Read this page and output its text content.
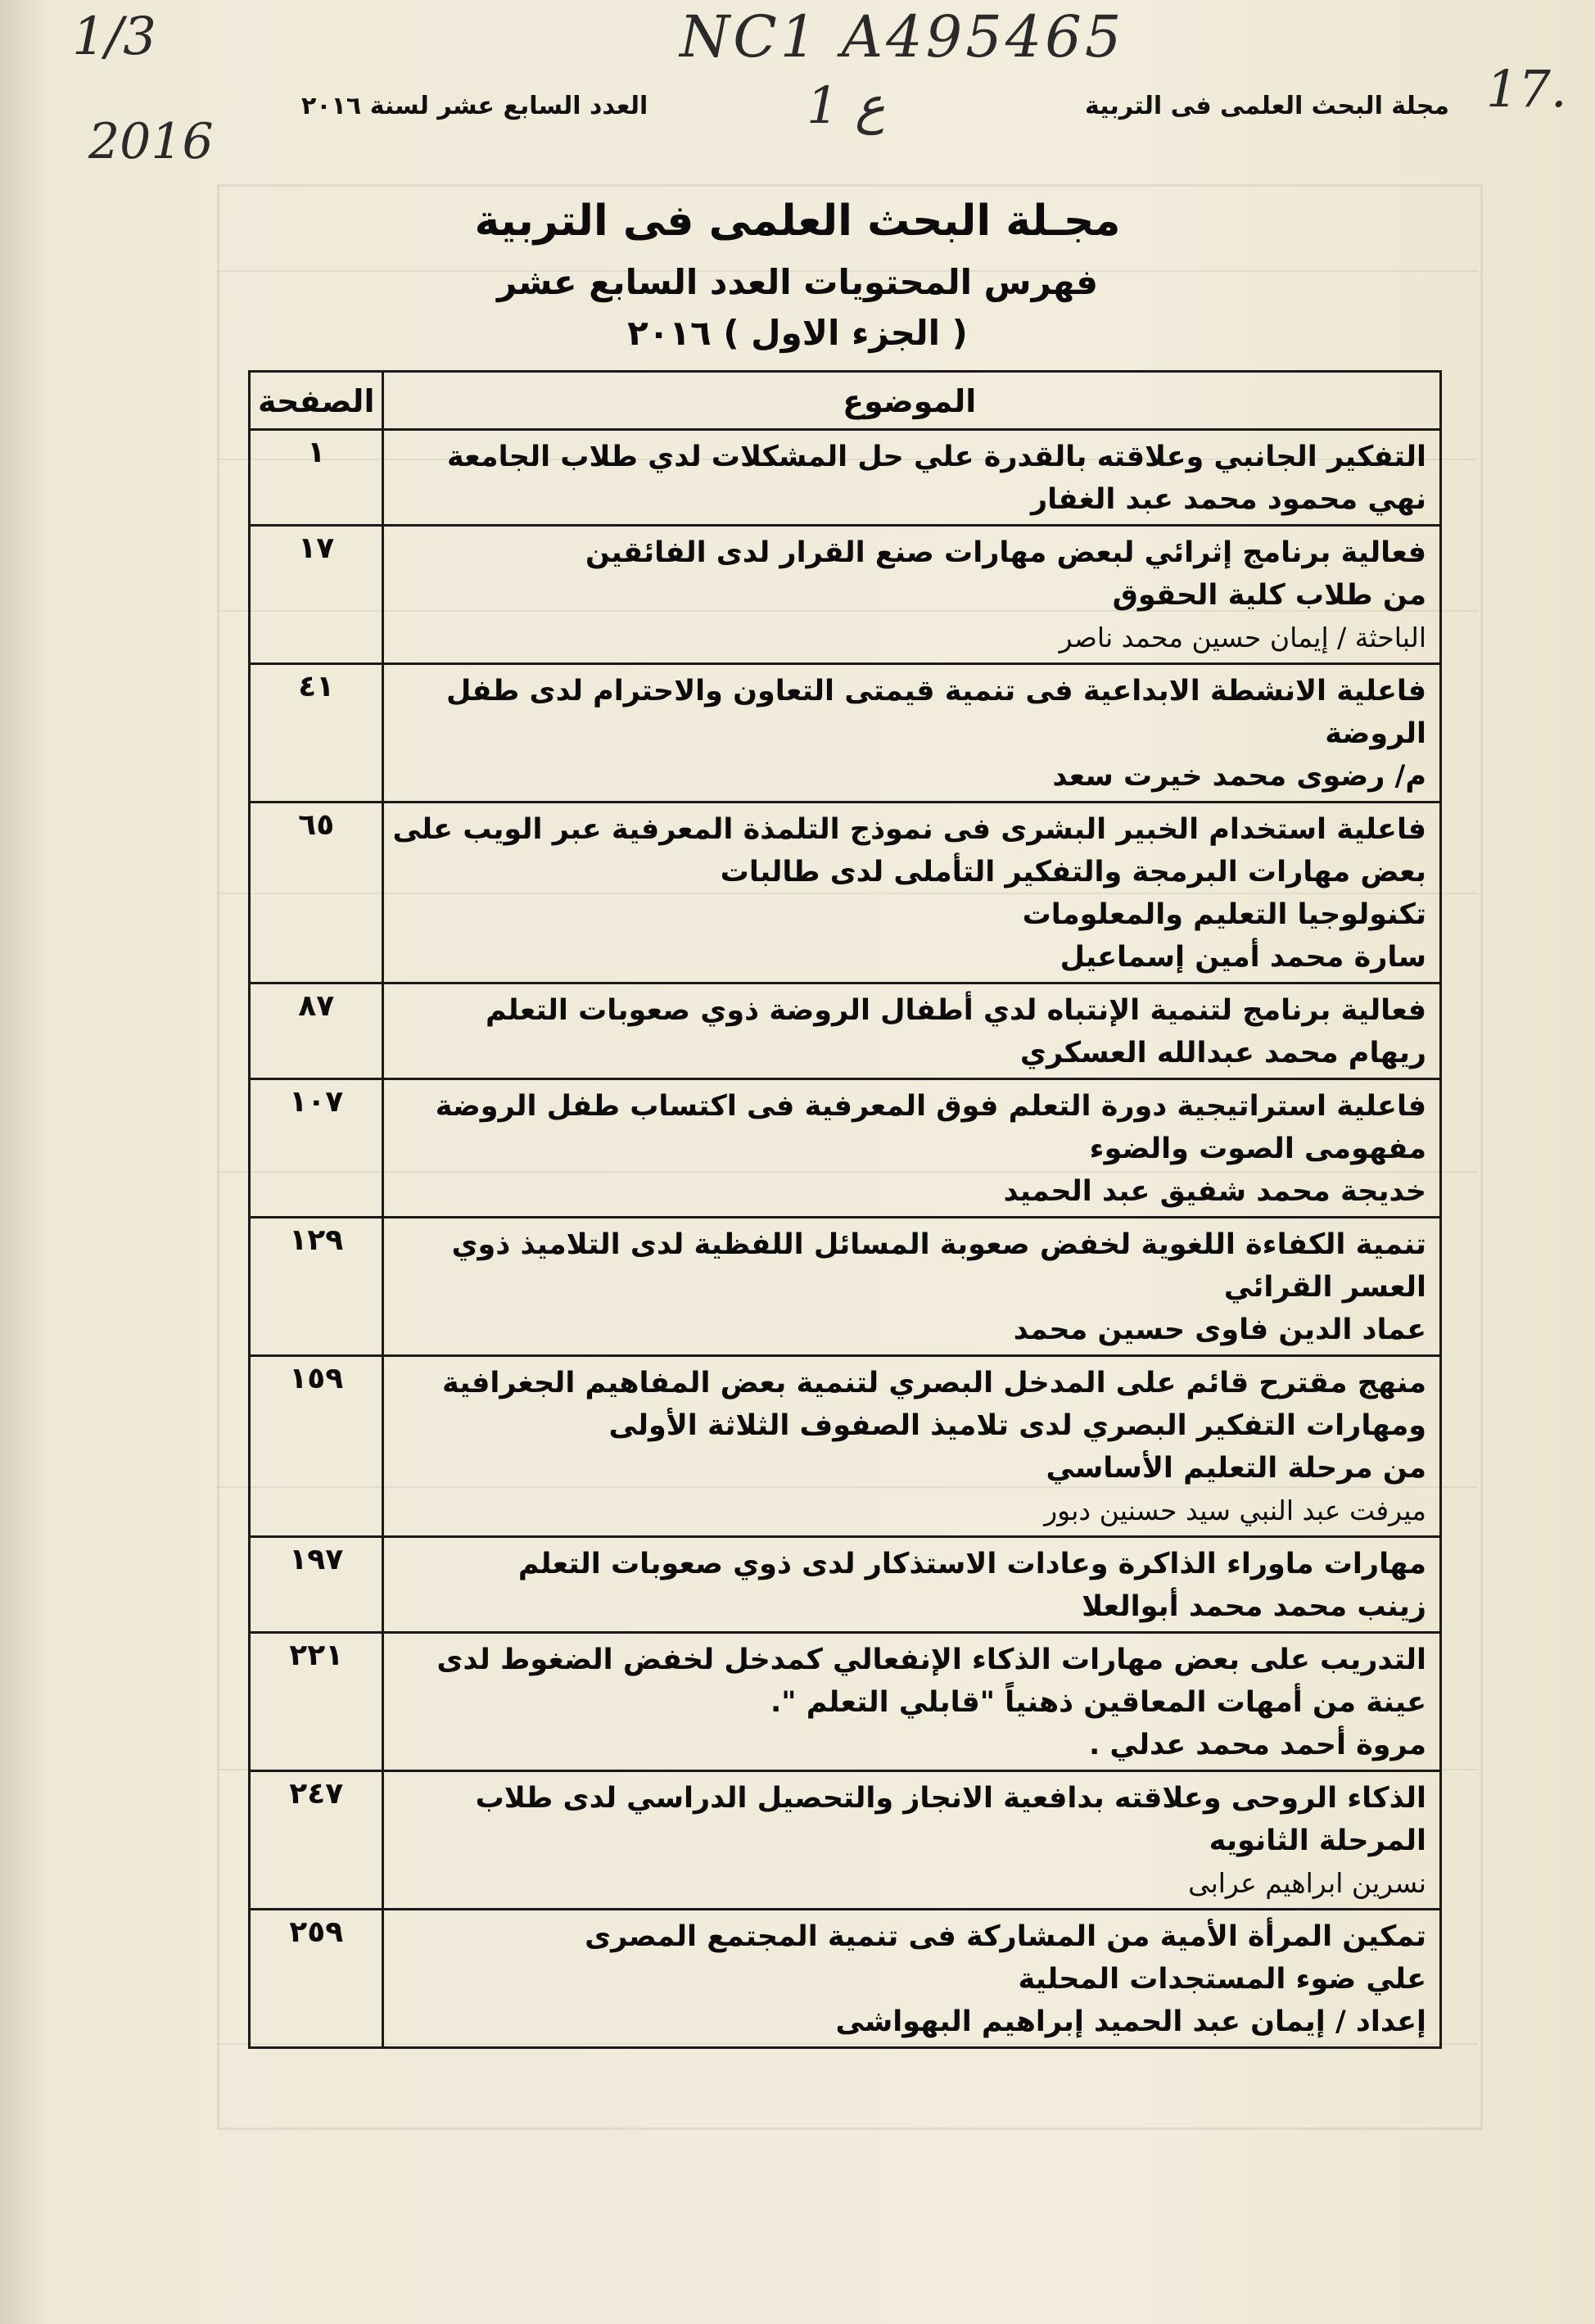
1/3
2016
NC1 A495465
1 ع	17.
مجلة البحث العلمى فى التربية
العدد السابع عشر لسنة ٢٠١٦
مجـلة البحث العلمى فى التربية
فهرس المحتويات العدد السابع عشر
( الجزء الاول ) ٢٠١٦
الموضوع	الصفحة

التفكير الجانبي وعلاقته بالقدرة علي حل المشكلات لدي طلاب الجامعة
نهي محمود محمد عبد الغفار	١

فعالية برنامج إثرائي لبعض مهارات صنع القرار لدى الفائقين
من طلاب كلية الحقوق
الباحثة / إيمان حسين محمد ناصر	١٧

فاعلية الانشطة الابداعية فى تنمية قيمتى التعاون والاحترام لدى طفل
الروضة
م/ رضوى محمد خيرت سعد	٤١

فاعلية استخدام الخبير البشرى فى نموذج التلمذة المعرفية عبر الويب على
بعض مهارات البرمجة والتفكير التأملى لدى طالبات
تكنولوجيا التعليم والمعلومات
سارة محمد أمين إسماعيل	٦٥

فعالية برنامج لتنمية الإنتباه لدي أطفال الروضة ذوي صعوبات التعلم
ريهام محمد عبدالله العسكري	٨٧

فاعلية استراتيجية دورة التعلم فوق المعرفية فى اكتساب طفل الروضة
مفهومى الصوت والضوء
خديجة محمد شفيق عبد الحميد	١٠٧

تنمية الكفاءة اللغوية لخفض صعوبة المسائل اللفظية لدى التلاميذ ذوي
العسر القرائي
عماد الدين فاوى حسين محمد	١٢٩

منهج مقترح قائم على المدخل البصري لتنمية بعض المفاهيم الجغرافية
ومهارات التفكير البصري لدى تلاميذ الصفوف الثلاثة الأولى
من مرحلة التعليم الأساسي
ميرفت عبد النبي سيد حسنين دبور	١٥٩

مهارات ماوراء الذاكرة وعادات الاستذكار لدى ذوي صعوبات التعلم
زينب محمد محمد أبوالعلا	١٩٧

التدريب على بعض مهارات الذكاء الإنفعالي كمدخل لخفض الضغوط لدى
عينة من أمهات المعاقين ذهنياً "قابلي التعلم ".
مروة أحمد محمد عدلي .	٢٢١

الذكاء الروحى وعلاقته بدافعية الانجاز والتحصيل الدراسي لدى طلاب
المرحلة الثانويه
نسرين ابراهيم عرابى	٢٤٧

تمكين المرأة الأمية من المشاركة فى تنمية المجتمع المصرى
علي ضوء المستجدات المحلية
إعداد / إيمان عبد الحميد إبراهيم البهواشى	٢٥٩
